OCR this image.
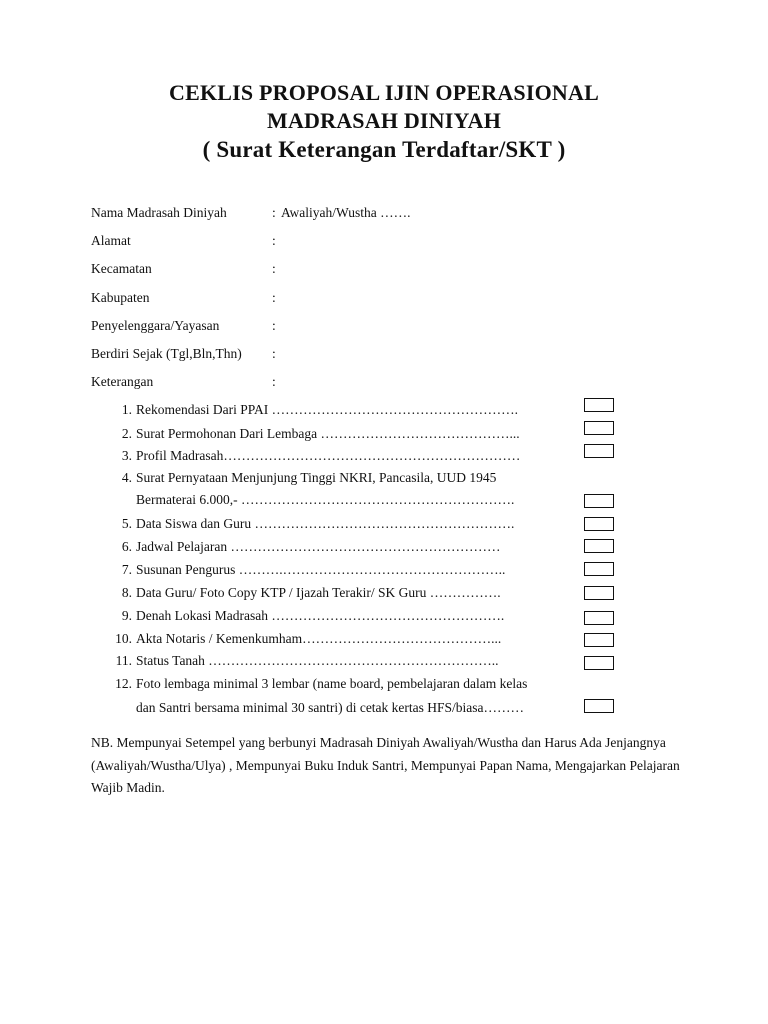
CEKLIS PROPOSAL IJIN OPERASIONAL
MADRASAH DINIYAH
( Surat Keterangan Terdaftar/SKT )
Nama Madrasah Diniyah	: Awaliyah/Wustha …….
Alamat	:
Kecamatan	:
Kabupaten	:
Penyelenggara/Yayasan	:
Berdiri Sejak (Tgl,Bln,Thn) :
Keterangan	:
1. Rekomendasi Dari PPAI ……………………………………………….
2. Surat Permohonan Dari Lembaga ……………………………………...
3. Profil Madrasah…………………………………………………………
4. Surat Pernyataan Menjunjung Tinggi NKRI, Pancasila, UUD 1945
Bermaterai 6.000,- …………………………………………………….
5. Data Siswa dan Guru ………………………………………………….
6. Jadwal Pelajaran ……………………………………………………
7. Susunan Pengurus ……….…………………………………………..
8. Data Guru/ Foto Copy KTP / Ijazah Terakir/ SK Guru …………….
9. Denah Lokasi Madrasah …………………………………………….
10. Akta Notaris / Kemenkumham……………………………………...
11. Status Tanah ………………………………………………………..
12. Foto lembaga minimal 3 lembar (name board, pembelajaran dalam kelas
dan Santri bersama minimal 30 santri) di cetak kertas HFS/biasa………
NB. Mempunyai Setempel yang berbunyi Madrasah Diniyah Awaliyah/Wustha dan Harus Ada Jenjangnya (Awaliyah/Wustha/Ulya) , Mempunyai Buku Induk Santri, Mempunyai Papan Nama, Mengajarkan Pelajaran Wajib Madin.
